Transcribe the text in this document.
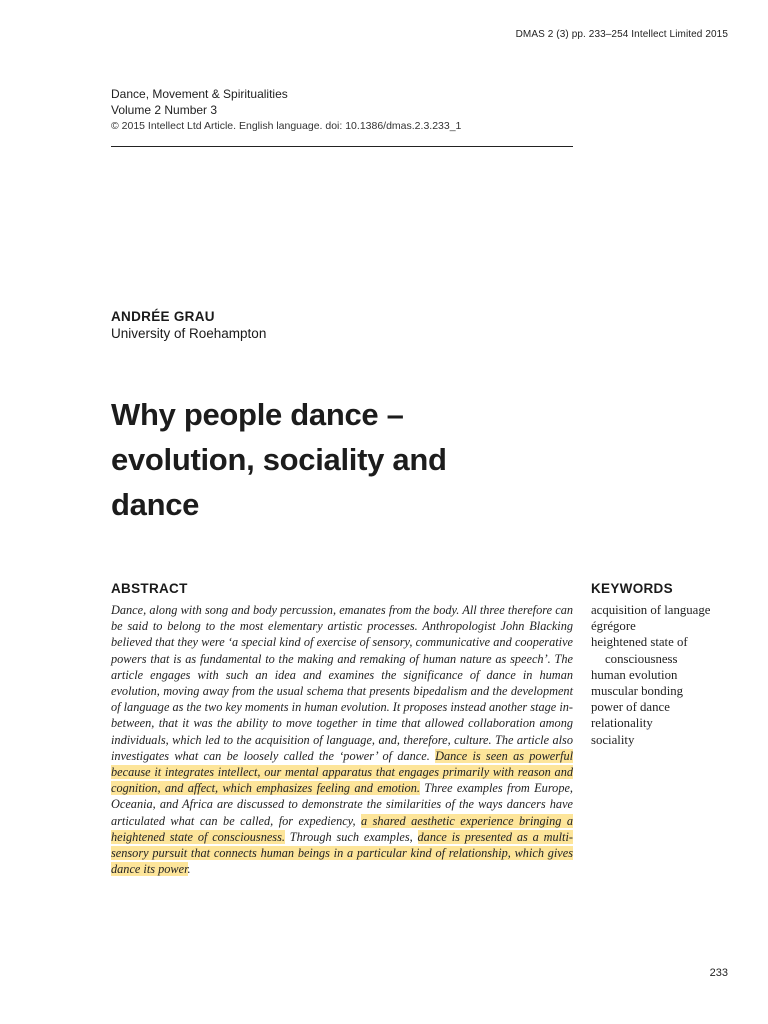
DMAS 2 (3) pp. 233–254 Intellect Limited 2015
Dance, Movement & Spiritualities
Volume 2 Number 3
© 2015 Intellect Ltd Article. English language. doi: 10.1386/dmas.2.3.233_1
ANDRÉE GRAU
University of Roehampton
Why people dance – evolution, sociality and dance
ABSTRACT
Dance, along with song and body percussion, emanates from the body. All three therefore can be said to belong to the most elementary artistic processes. Anthropologist John Blacking believed that they were ‘a special kind of exercise of sensory, communicative and cooperative powers that is as fundamental to the making and remaking of human nature as speech’. The article engages with such an idea and examines the significance of dance in human evolution, moving away from the usual schema that presents bipedalism and the development of language as the two key moments in human evolution. It proposes instead another stage in-between, that it was the ability to move together in time that allowed collaboration among individuals, which led to the acquisition of language, and, therefore, culture. The article also investigates what can be loosely called the ‘power’ of dance. Dance is seen as powerful because it integrates intellect, our mental apparatus that engages primarily with reason and cognition, and affect, which emphasizes feeling and emotion. Three examples from Europe, Oceania, and Africa are discussed to demonstrate the similarities of the ways dancers have articulated what can be called, for expediency, a shared aesthetic experience bringing a heightened state of consciousness. Through such examples, dance is presented as a multi-sensory pursuit that connects human beings in a particular kind of relationship, which gives dance its power.
KEYWORDS
acquisition of language
égrégore
heightened state of consciousness
human evolution
muscular bonding
power of dance
relationality
sociality
233
